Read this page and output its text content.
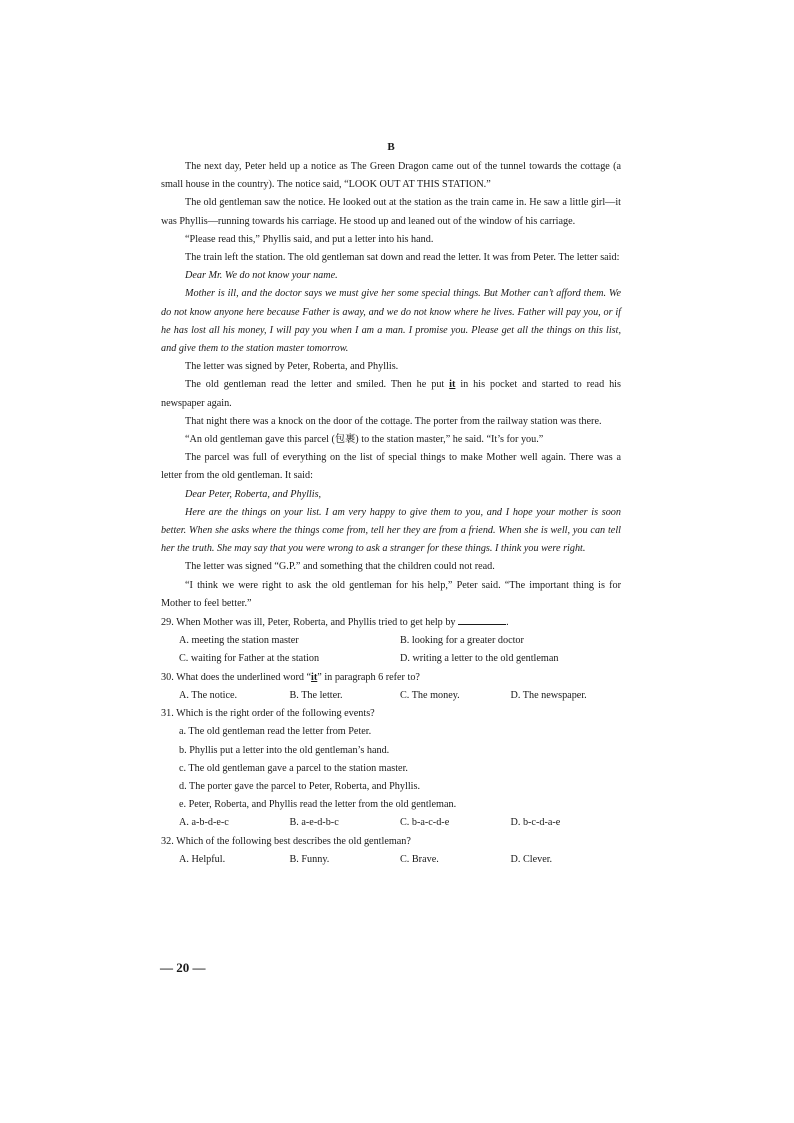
B

The next day, Peter held up a notice as The Green Dragon came out of the tunnel towards the cottage (a small house in the country). The notice said, “LOOK OUT AT THIS STATION.”

The old gentleman saw the notice. He looked out at the station as the train came in. He saw a little girl—it was Phyllis—running towards his carriage. He stood up and leaned out of the window of his carriage.

“Please read this,” Phyllis said, and put a letter into his hand.

The train left the station. The old gentleman sat down and read the letter. It was from Peter. The letter said:

Dear Mr. We do not know your name.

Mother is ill, and the doctor says we must give her some special things. But Mother can’t afford them. We do not know anyone here because Father is away, and we do not know where he lives. Father will pay you, or if he has lost all his money, I will pay you when I am a man. I promise you. Please get all the things on this list, and give them to the station master tomorrow.

The letter was signed by Peter, Roberta, and Phyllis.

The old gentleman read the letter and smiled. Then he put it in his pocket and started to read his newspaper again.

That night there was a knock on the door of the cottage. The porter from the railway station was there.

“An old gentleman gave this parcel (包裹) to the station master,” he said. “It’s for you.”

The parcel was full of everything on the list of special things to make Mother well again. There was a letter from the old gentleman. It said:

Dear Peter, Roberta, and Phyllis,

Here are the things on your list. I am very happy to give them to you, and I hope your mother is soon better. When she asks where the things come from, tell her they are from a friend. When she is well, you can tell her the truth. She may say that you were wrong to ask a stranger for these things. I think you were right.

The letter was signed “G.P.” and something that the children could not read.

“I think we were right to ask the old gentleman for his help,” Peter said. “The important thing is for Mother to feel better.”

29. When Mother was ill, Peter, Roberta, and Phyllis tried to get help by	.

A. meeting the station master	B. looking for a greater doctor
C. waiting for Father at the station	D. writing a letter to the old gentleman

30. What does the underlined word “it” in paragraph 6 refer to?

A. The notice.	B. The letter.	C. The money.	D. The newspaper.

31. Which is the right order of the following events?

a. The old gentleman read the letter from Peter.

b. Phyllis put a letter into the old gentleman’s hand.

c. The old gentleman gave a parcel to the station master.

d. The porter gave the parcel to Peter, Roberta, and Phyllis.

e. Peter, Roberta, and Phyllis read the letter from the old gentleman.

A. a-b-d-e-c	B. a-e-d-b-c	C. b-a-c-d-e	D. b-c-d-a-e

32. Which of the following best describes the old gentleman?

A. Helpful.	B. Funny.	C. Brave.	D. Clever.
— 20 —
